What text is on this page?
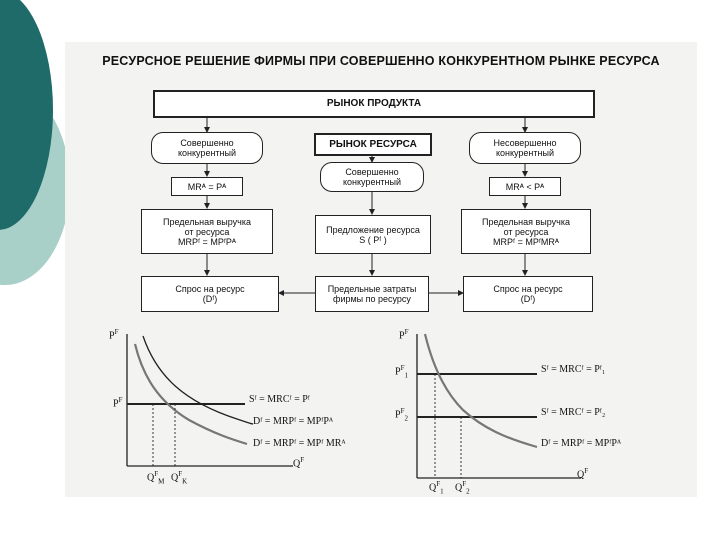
РЕСУРСНОЕ РЕШЕНИЕ ФИРМЫ ПРИ СОВЕРШЕННО КОНКУРЕНТНОМ РЫНКЕ РЕСУРСА
РЫНОК ПРОДУКТА
Совершенно
конкурентный
MRᴬ = Pᴬ
Предельная выручка
от ресурса
MRPᶠ = MPᶠPᴬ
Спрос на ресурс
(Dᶠ)
РЫНОК РЕСУРСА
Совершенно
конкурентный
Предложение ресурса
S ( Pᶠ )
Предельные затраты
фирмы по ресурсу
Несовершенно
конкурентный
MRᴬ < Pᴬ
Предельная выручка
от ресурса
MRPᶠ = MPᶠMRᴬ
Спрос на ресурс
(Dᶠ)
$P^F$
$P^F$	Sᶠ = MRCᶠ = Pᶠ
Dᶠ = MRPᶠ = MPᶠPᴬ
Dᶠ = MRPᶠ = MPᶠ MRᴬ
$Q^F$
$Q^F_M$ $Q^F_K$
$P^F$
$P^F_1$
$P^F_2$
Sᶠ = MRCᶠ = Pᶠ₁
Sᶠ = MRCᶠ = Pᶠ₂
Dᶠ = MRPᶠ = MPᶠPᴬ
$Q^F$
$Q^F_1$ $Q^F_2$
